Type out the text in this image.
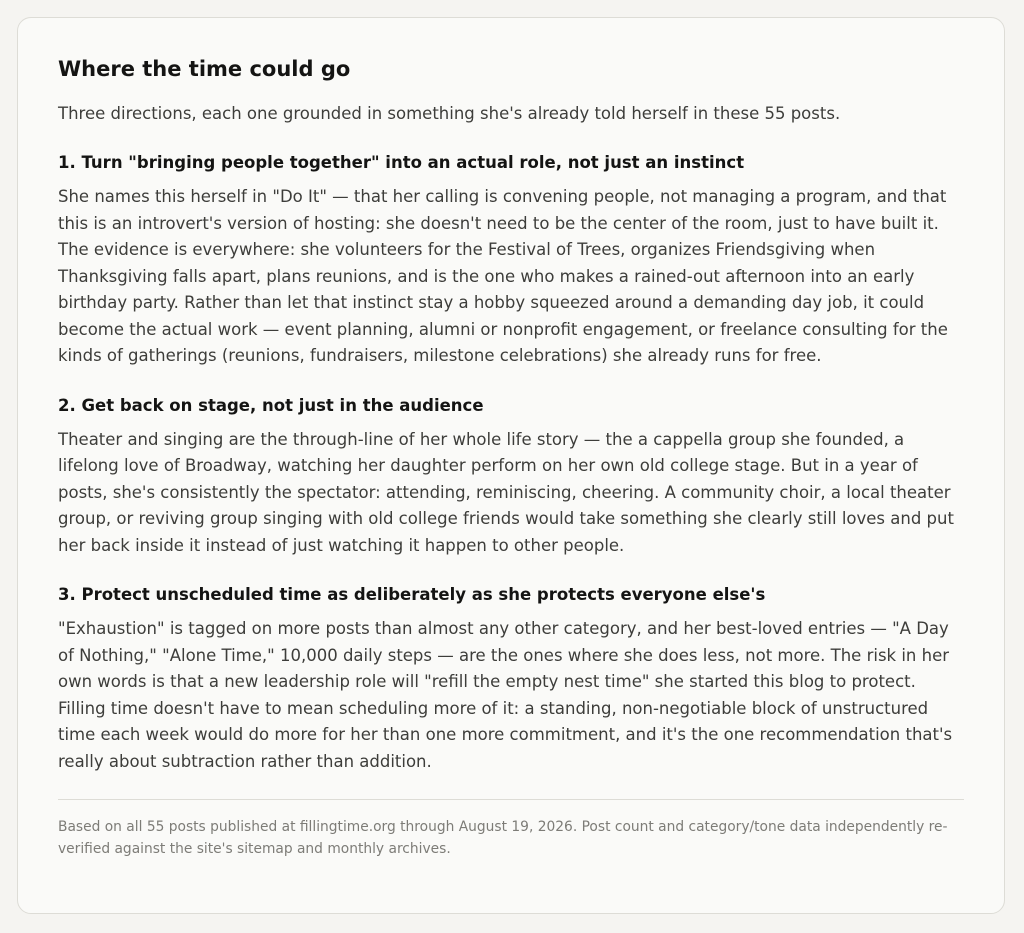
Where the time could go

Three directions, each one grounded in something she's already told herself in these 55 posts.

1. Turn "bringing people together" into an actual role, not just an instinct

She names this herself in "Do It" — that her calling is convening people, not managing a program, and that this is an introvert's version of hosting: she doesn't need to be the center of the room, just to have built it. The evidence is everywhere: she volunteers for the Festival of Trees, organizes Friendsgiving when Thanksgiving falls apart, plans reunions, and is the one who makes a rained-out afternoon into an early birthday party. Rather than let that instinct stay a hobby squeezed around a demanding day job, it could become the actual work — event planning, alumni or nonprofit engagement, or freelance consulting for the kinds of gatherings (reunions, fundraisers, milestone celebrations) she already runs for free.

2. Get back on stage, not just in the audience

Theater and singing are the through-line of her whole life story — the a cappella group she founded, a lifelong love of Broadway, watching her daughter perform on her own old college stage. But in a year of posts, she's consistently the spectator: attending, reminiscing, cheering. A community choir, a local theater group, or reviving group singing with old college friends would take something she clearly still loves and put her back inside it instead of just watching it happen to other people.

3. Protect unscheduled time as deliberately as she protects everyone else's

"Exhaustion" is tagged on more posts than almost any other category, and her best-loved entries — "A Day of Nothing," "Alone Time," 10,000 daily steps — are the ones where she does less, not more. The risk in her own words is that a new leadership role will "refill the empty nest time" she started this blog to protect. Filling time doesn't have to mean scheduling more of it: a standing, non-negotiable block of unstructured time each week would do more for her than one more commitment, and it's the one recommendation that's really about subtraction rather than addition.

Based on all 55 posts published at fillingtime.org through August 19, 2026. Post count and category/tone data independently re-verified against the site's sitemap and monthly archives.
